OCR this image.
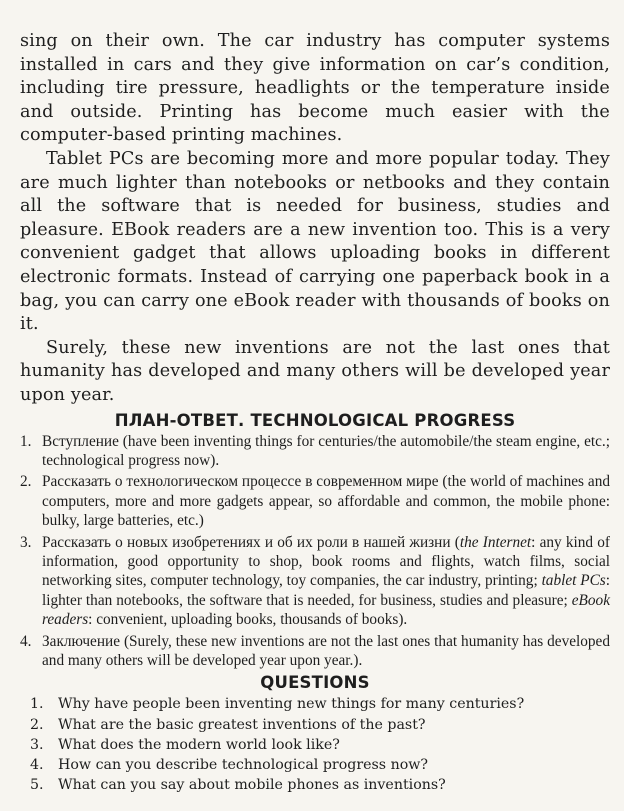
sing on their own. The car industry has computer systems installed in cars and they give information on car’s condition, including tire pressure, headlights or the temperature inside and outside. Printing has become much easier with the computer-based printing machines.

Tablet PCs are becoming more and more popular today. They are much lighter than notebooks or netbooks and they contain all the software that is needed for business, studies and pleasure. EBook readers are a new invention too. This is a very convenient gadget that allows uploading books in different electronic formats. Instead of carrying one paperback book in a bag, you can carry one eBook reader with thousands of books on it.

Surely, these new inventions are not the last ones that humanity has developed and many others will be developed year upon year.

ПЛАН-ОТВЕТ. TECHNOLOGICAL PROGRESS
1. Вступление (have been inventing things for centuries/the automobile/the steam engine, etc.; technological progress now).
2. Рассказать о технологическом процессе в современном мире (the world of machines and computers, more and more gadgets appear, so affordable and common, the mobile phone: bulky, large batteries, etc.)
3. Рассказать о новых изобретениях и об их роли в нашей жизни (the Internet: any kind of information, good opportunity to shop, book rooms and flights, watch films, social networking sites, computer technology, toy companies, the car industry, printing; tablet PCs: lighter than notebooks, the software that is needed, for business, studies and pleasure; eBook readers: convenient, uploading books, thousands of books).
4. Заключение (Surely, these new inventions are not the last ones that humanity has developed and many others will be developed year upon year.).
QUESTIONS
1. Why have people been inventing new things for many centuries?
2. What are the basic greatest inventions of the past?
3. What does the modern world look like?
4. How can you describe technological progress now?
5. What can you say about mobile phones as inventions?
